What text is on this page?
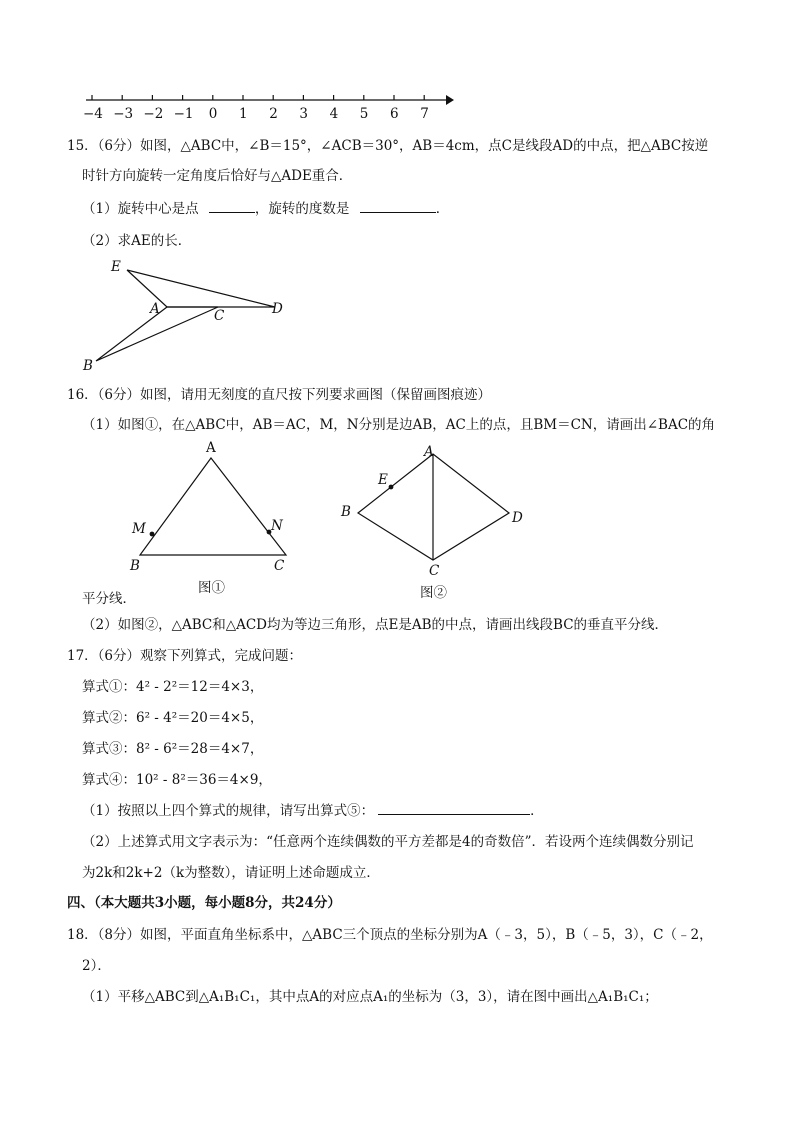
−4 −3 −2 −1 0 1 2 3 4 5 6 7
15．（6分）如图，△ABC中，∠B＝15°，∠ACB＝30°，AB＝4cm，点C是线段AD的中点，把△ABC按逆
时针方向旋转一定角度后恰好与△ADE重合．
（1）旋转中心是点	，旋转的度数是	．
（2）求AE的长．
E
A	C	D
B
16．（6分）如图，请用无刻度的直尺按下列要求画图（保留画图痕迹）
（1）如图①，在△ABC中，AB＝AC，M，N分别是边AB，AC上的点，且BM＝CN，请画出∠BAC的角
A
M	N
B	C
图①
A
E
B	D
C
图②
平分线．
（2）如图②，△ABC和△ACD均为等边三角形，点E是AB的中点，请画出线段BC的垂直平分线．
17．（6分）观察下列算式，完成问题：
算式①：4² - 2²＝12＝4×3，
算式②：6² - 4²＝20＝4×5，
算式③：8² - 6²＝28＝4×7，
算式④：10² - 8²＝36＝4×9，
（1）按照以上四个算式的规律，请写出算式⑤：	．
（2）上述算式用文字表示为：“任意两个连续偶数的平方差都是4的奇数倍”．若设两个连续偶数分别记
为2k和2k+2（k为整数），请证明上述命题成立．
四、（本大题共3小题，每小题8分，共24分）
18．（8分）如图，平面直角坐标系中，△ABC三个顶点的坐标分别为A（﹣3，5），B（﹣5，3），C（﹣2，
2）．
（1）平移△ABC到△A₁B₁C₁，其中点A的对应点A₁的坐标为（3，3），请在图中画出△A₁B₁C₁；
